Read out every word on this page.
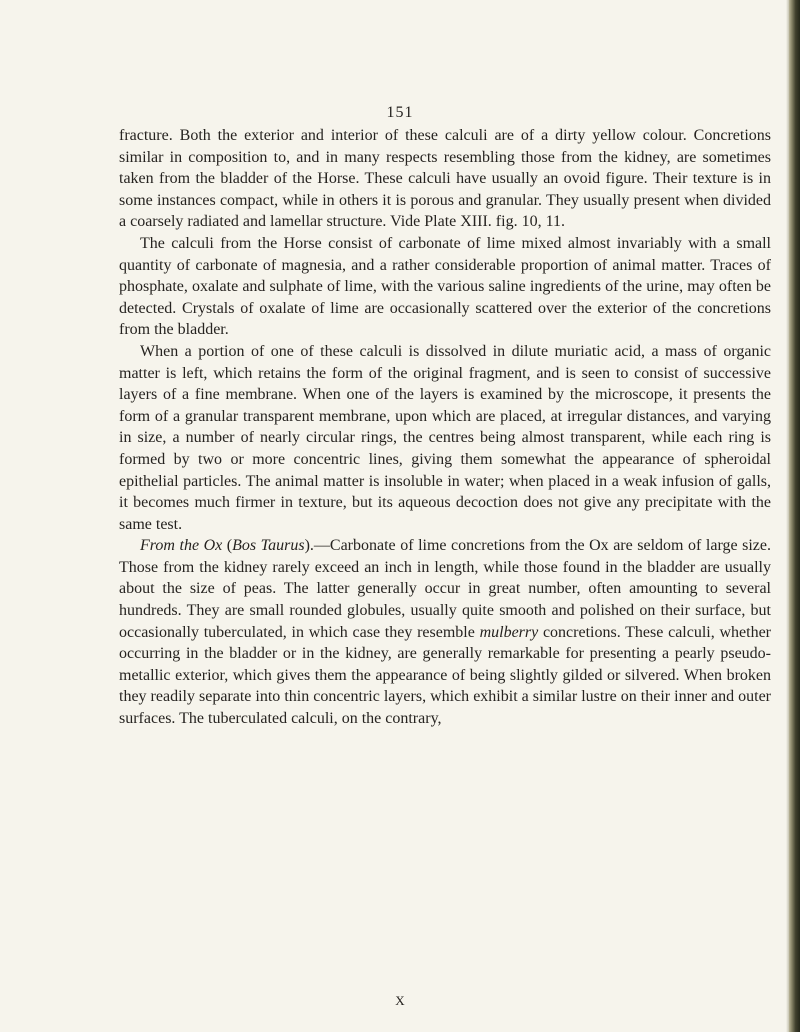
151

fracture. Both the exterior and interior of these calculi are of a dirty yellow colour. Concretions similar in composition to, and in many respects resembling those from the kidney, are sometimes taken from the bladder of the Horse. These calculi have usually an ovoid figure. Their texture is in some instances compact, while in others it is porous and granular. They usually present when divided a coarsely radiated and lamellar structure. Vide Plate XIII. fig. 10, 11.

The calculi from the Horse consist of carbonate of lime mixed almost invariably with a small quantity of carbonate of magnesia, and a rather considerable proportion of animal matter. Traces of phosphate, oxalate and sulphate of lime, with the various saline ingredients of the urine, may often be detected. Crystals of oxalate of lime are occasionally scattered over the exterior of the concretions from the bladder.

When a portion of one of these calculi is dissolved in dilute muriatic acid, a mass of organic matter is left, which retains the form of the original fragment, and is seen to consist of successive layers of a fine membrane. When one of the layers is examined by the microscope, it presents the form of a granular transparent membrane, upon which are placed, at irregular distances, and varying in size, a number of nearly circular rings, the centres being almost transparent, while each ring is formed by two or more concentric lines, giving them somewhat the appearance of spheroidal epithelial particles. The animal matter is insoluble in water; when placed in a weak infusion of galls, it becomes much firmer in texture, but its aqueous decoction does not give any precipitate with the same test.

From the Ox (Bos Taurus).—Carbonate of lime concretions from the Ox are seldom of large size. Those from the kidney rarely exceed an inch in length, while those found in the bladder are usually about the size of peas. The latter generally occur in great number, often amounting to several hundreds. They are small rounded globules, usually quite smooth and polished on their surface, but occasionally tuberculated, in which case they resemble mulberry concretions. These calculi, whether occurring in the bladder or in the kidney, are generally remarkable for presenting a pearly pseudo-metallic exterior, which gives them the appearance of being slightly gilded or silvered. When broken they readily separate into thin concentric layers, which exhibit a similar lustre on their inner and outer surfaces. The tuberculated calculi, on the contrary,

X
